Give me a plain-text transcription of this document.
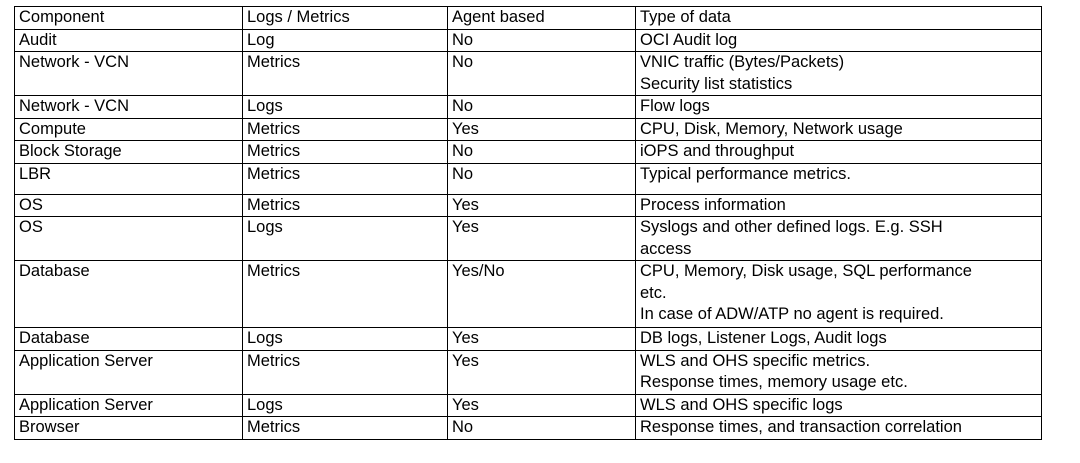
Component	Logs / Metrics	Agent based	Type of data
Audit	Log	No	OCI Audit log
Network - VCN	Metrics	No	VNIC traffic (Bytes/Packets)
Security list statistics
Network - VCN	Logs	No	Flow logs
Compute	Metrics	Yes	CPU, Disk, Memory, Network usage
Block Storage	Metrics	No	iOPS and throughput
LBR	Metrics	No	Typical performance metrics.
OS	Metrics	Yes	Process information
OS	Logs	Yes	Syslogs and other defined logs. E.g. SSH
access
Database	Metrics	Yes/No	CPU, Memory, Disk usage, SQL performance
etc.
In case of ADW/ATP no agent is required.
Database	Logs	Yes	DB logs, Listener Logs, Audit logs
Application Server	Metrics	Yes	WLS and OHS specific metrics.
Response times, memory usage etc.
Application Server	Logs	Yes	WLS and OHS specific logs
Browser	Metrics	No	Response times, and transaction correlation
